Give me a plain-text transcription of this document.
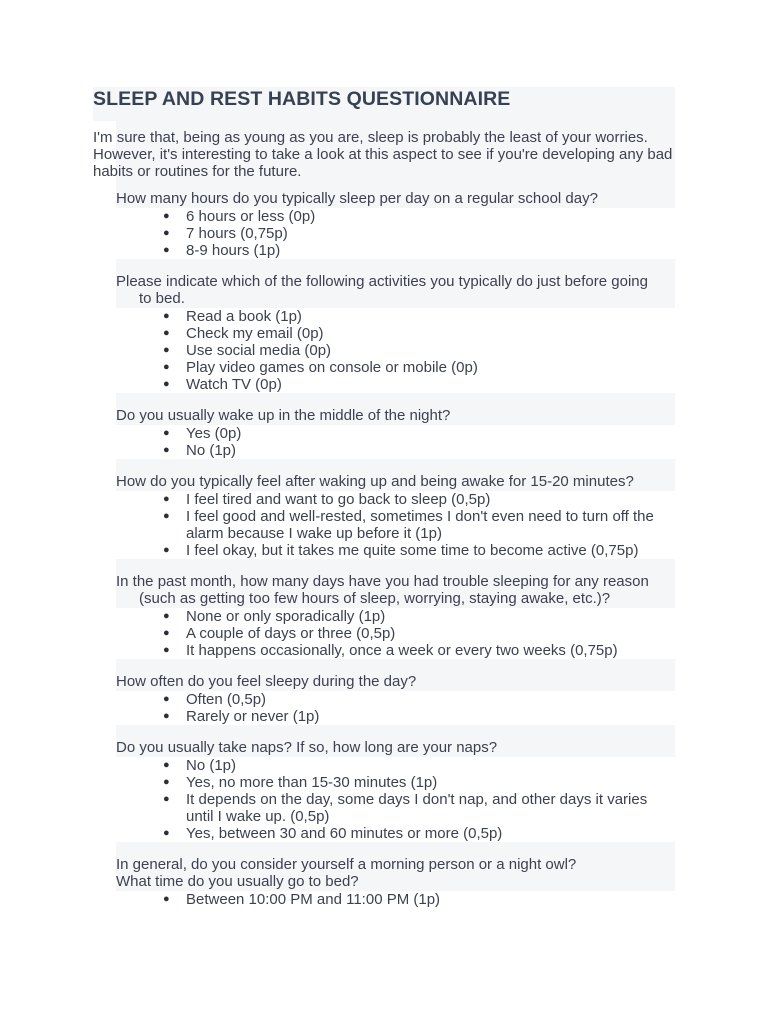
SLEEP AND REST HABITS QUESTIONNAIRE

I'm sure that, being as young as you are, sleep is probably the least of your worries. However, it's interesting to take a look at this aspect to see if you're developing any bad habits or routines for the future.

How many hours do you typically sleep per day on a regular school day?

● 6 hours or less (0p)
● 7 hours (0,75p)
● 8-9 hours (1p)

Please indicate which of the following activities you typically do just before going
to bed.

● Read a book (1p)
● Check my email (0p)
● Use social media (0p)
● Play video games on console or mobile (0p)
● Watch TV (0p)

Do you usually wake up in the middle of the night?

● Yes (0p)
● No (1p)

How do you typically feel after waking up and being awake for 15-20 minutes?

● I feel tired and want to go back to sleep (0,5p)
● I feel good and well-rested, sometimes I don't even need to turn off the alarm because I wake up before it (1p)
● I feel okay, but it takes me quite some time to become active (0,75p)

In the past month, how many days have you had trouble sleeping for any reason
(such as getting too few hours of sleep, worrying, staying awake, etc.)?

● None or only sporadically (1p)
● A couple of days or three (0,5p)
● It happens occasionally, once a week or every two weeks (0,75p)

How often do you feel sleepy during the day?

● Often (0,5p)
● Rarely or never (1p)

Do you usually take naps? If so, how long are your naps?

● No (1p)
● Yes, no more than 15-30 minutes (1p)
● It depends on the day, some days I don't nap, and other days it varies until I wake up. (0,5p)
● Yes, between 30 and 60 minutes or more (0,5p)

In general, do you consider yourself a morning person or a night owl?
What time do you usually go to bed?

● Between 10:00 PM and 11:00 PM (1p)
